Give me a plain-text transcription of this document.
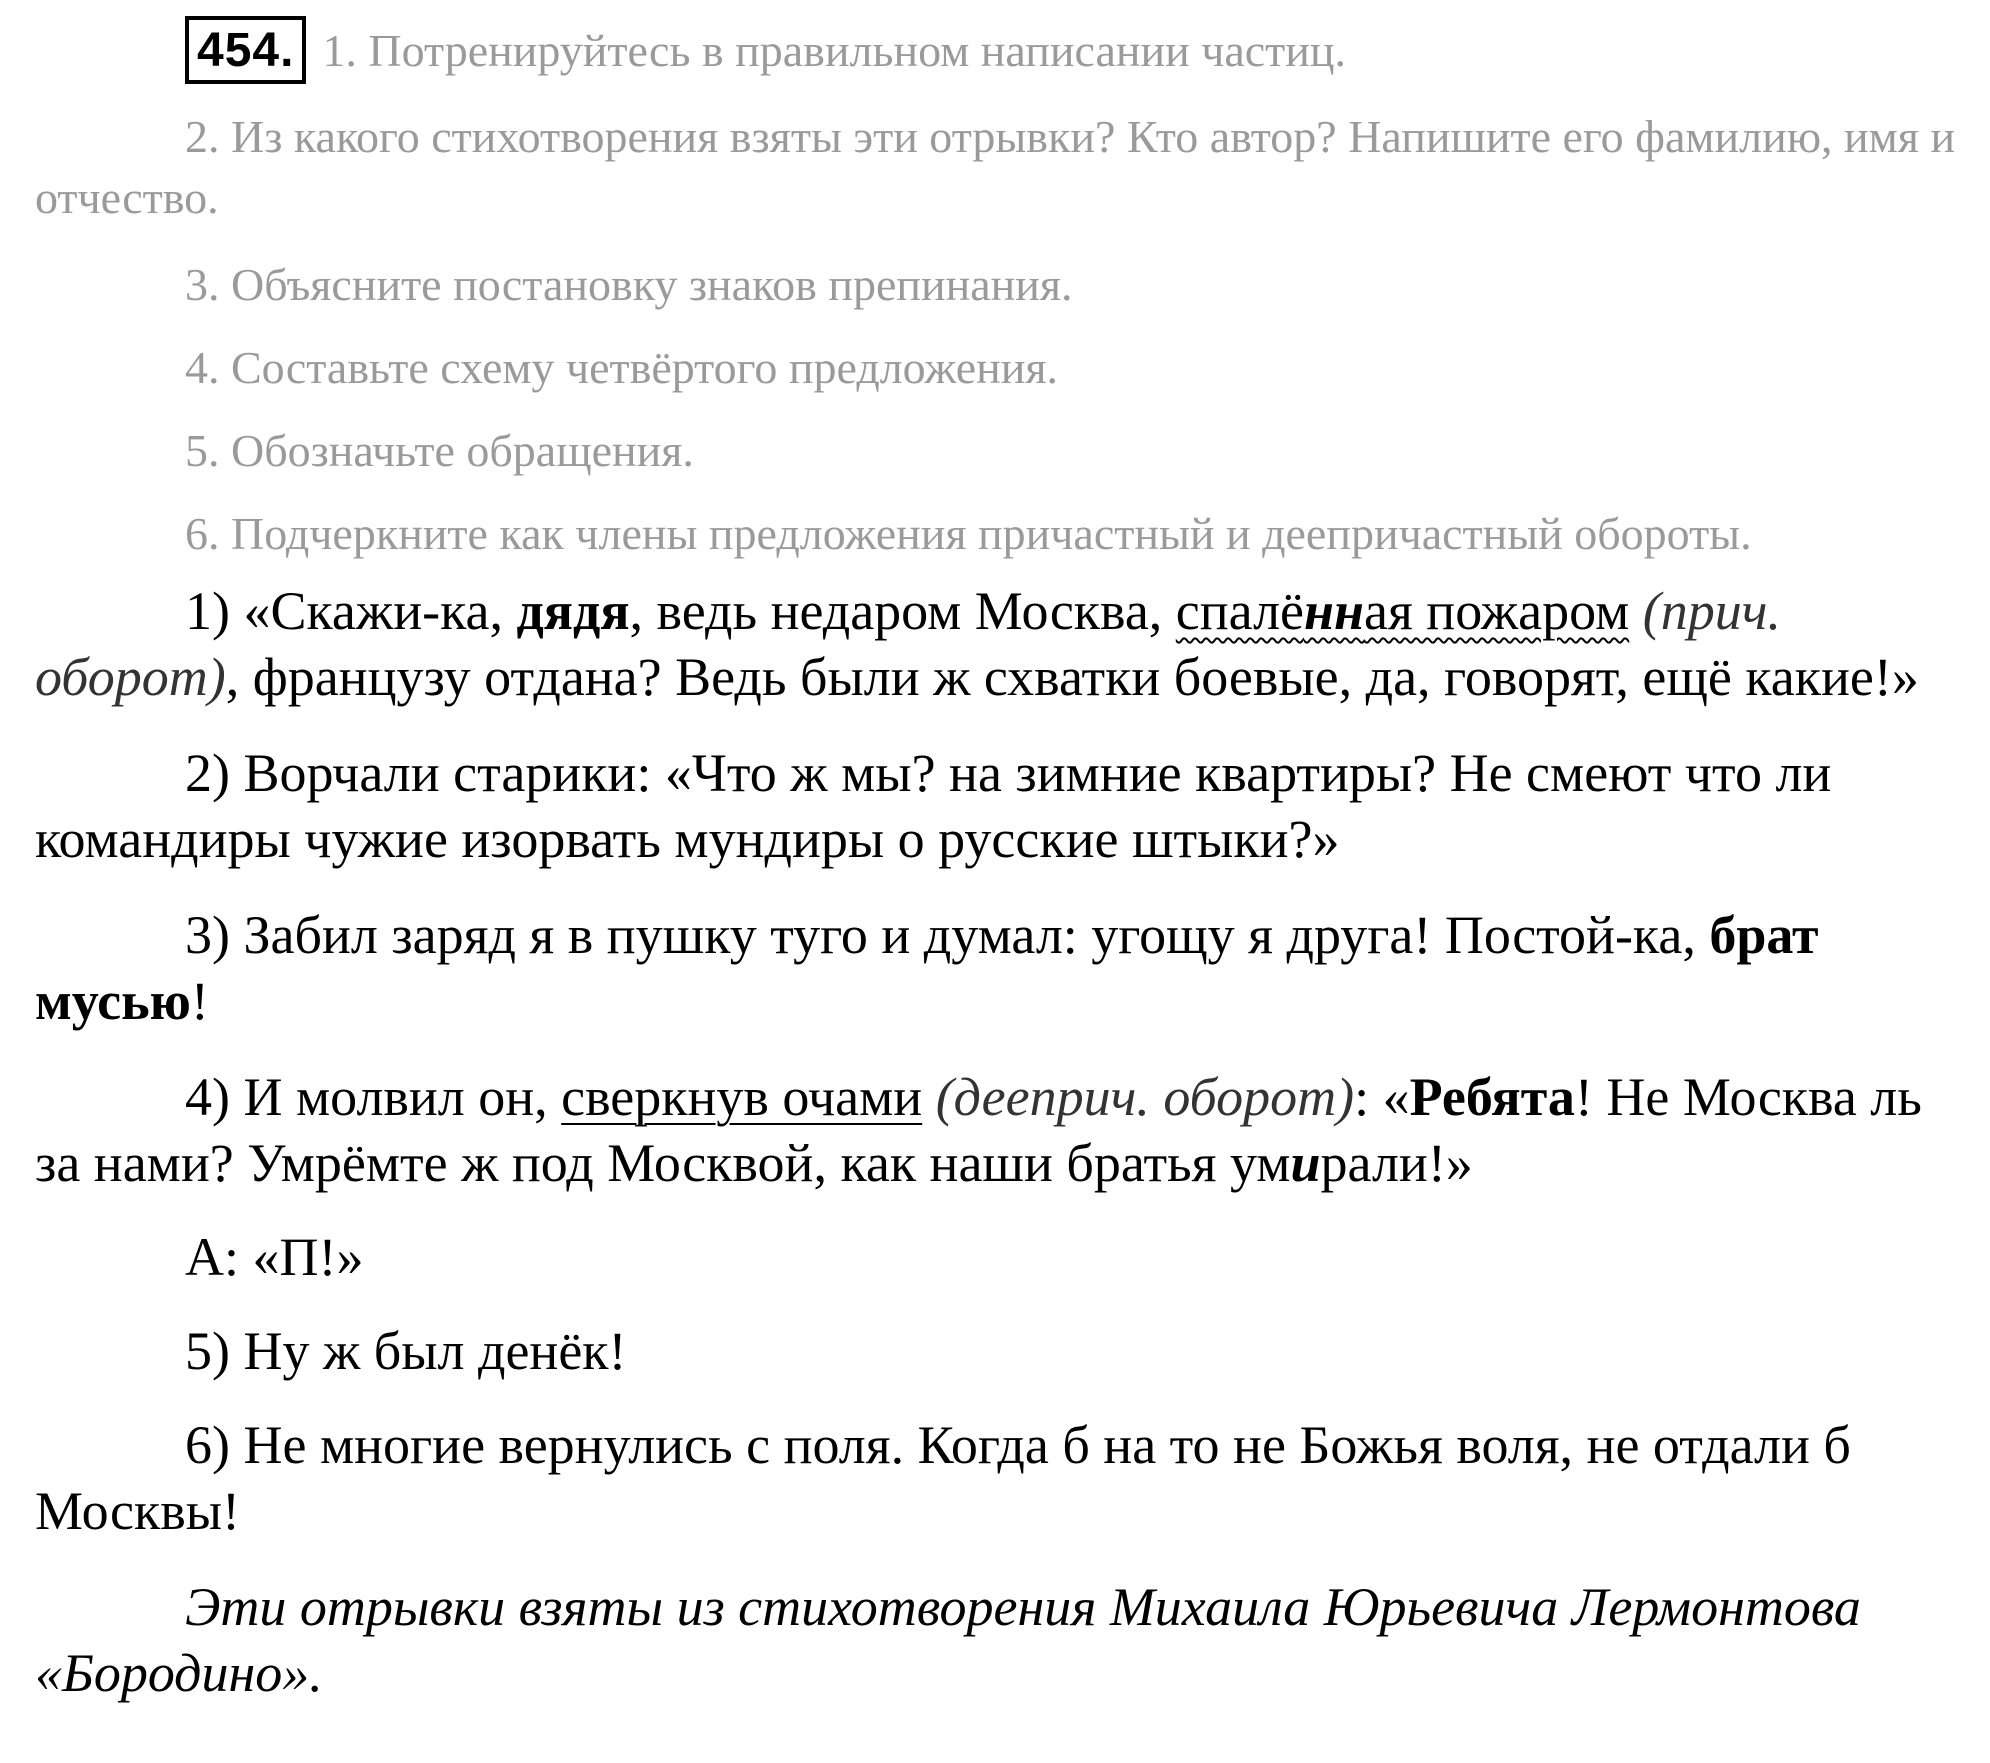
454. 1. Потренируйтесь в правильном написании частиц.

2. Из какого стихотворения взяты эти отрывки? Кто автор? Напишите его фамилию, имя и отчество.

3. Объясните постановку знаков препинания.

4. Составьте схему четвёртого предложения.

5. Обозначьте обращения.

6. Подчеркните как члены предложения причастный и деепричастный обороты.

1) «Скажи-ка, дядя, ведь недаром Москва, спалённая пожаром (прич. оборот), французу отдана? Ведь были ж схватки боевые, да, говорят, ещё какие!»

2) Ворчали старики: «Что ж мы? на зимние квартиры? Не смеют что ли командиры чужие изорвать мундиры о русские штыки?»

3) Забил заряд я в пушку туго и думал: угощу я друга! Постой-ка, брат мусью!

4) И молвил он, сверкнув очами (дееприч. оборот): «Ребята! Не Москва ль за нами? Умрёмте ж под Москвой, как наши братья умирали!»

А: «П!»

5) Ну ж был денёк!

6) Не многие вернулись с поля. Когда б на то не Божья воля, не отдали б Москвы!

Эти отрывки взяты из стихотворения Михаила Юрьевича Лермонтова «Бородино».
